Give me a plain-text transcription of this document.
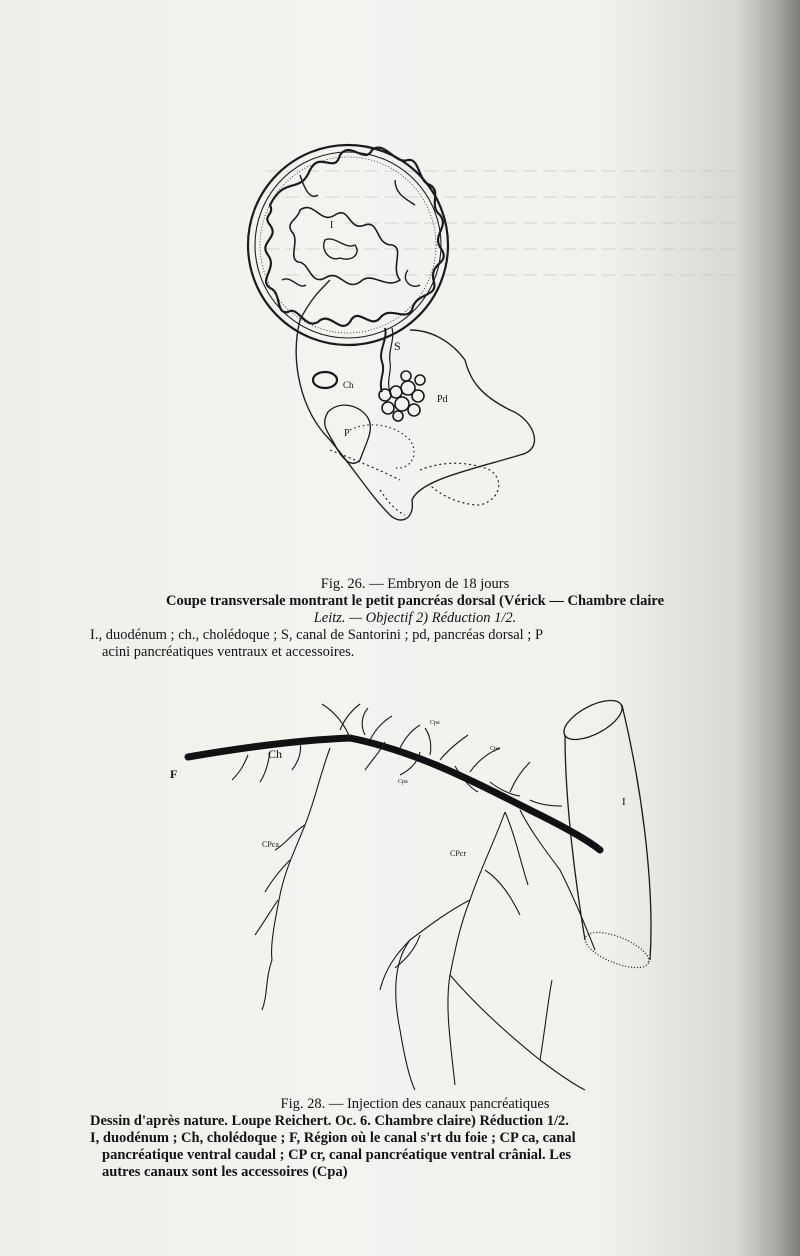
— — — — — — — — — — — — — — — — — — — — — — — —

— — — — — — — — — — — — — — — — — — — — — — — —

— — — — — — — — — — — — — — — — — — — —

— — — — — — — — — — — — — — — — — — — — — — — —

— — — — — — — — — — — — — — — — — — — — — — —

I
S
Ch
Pd
P
Ch
F
I
CPca
CPcr
Cpa
Cpa
Cpa
Fig. 26. — Embryon de 18 jours
Coupe transversale montrant le petit pancréas dorsal (Vérick — Chambre claire
Leitz. — Objectif 2) Réduction 1/2.
I., duodénum ; ch., cholédoque ; S, canal de Santorini ; pd, pancréas dorsal ; P
acini pancréatiques ventraux et accessoires.
Fig. 28. — Injection des canaux pancréatiques
Dessin d'après nature. Loupe Reichert. Oc. 6. Chambre claire) Réduction 1/2.
I, duodénum ; Ch, cholédoque ; F, Région où le canal s'rt du foie ; CP ca, canal
pancréatique ventral caudal ; CP cr, canal pancréatique ventral crânial. Les
autres canaux sont les accessoires (Cpa)
